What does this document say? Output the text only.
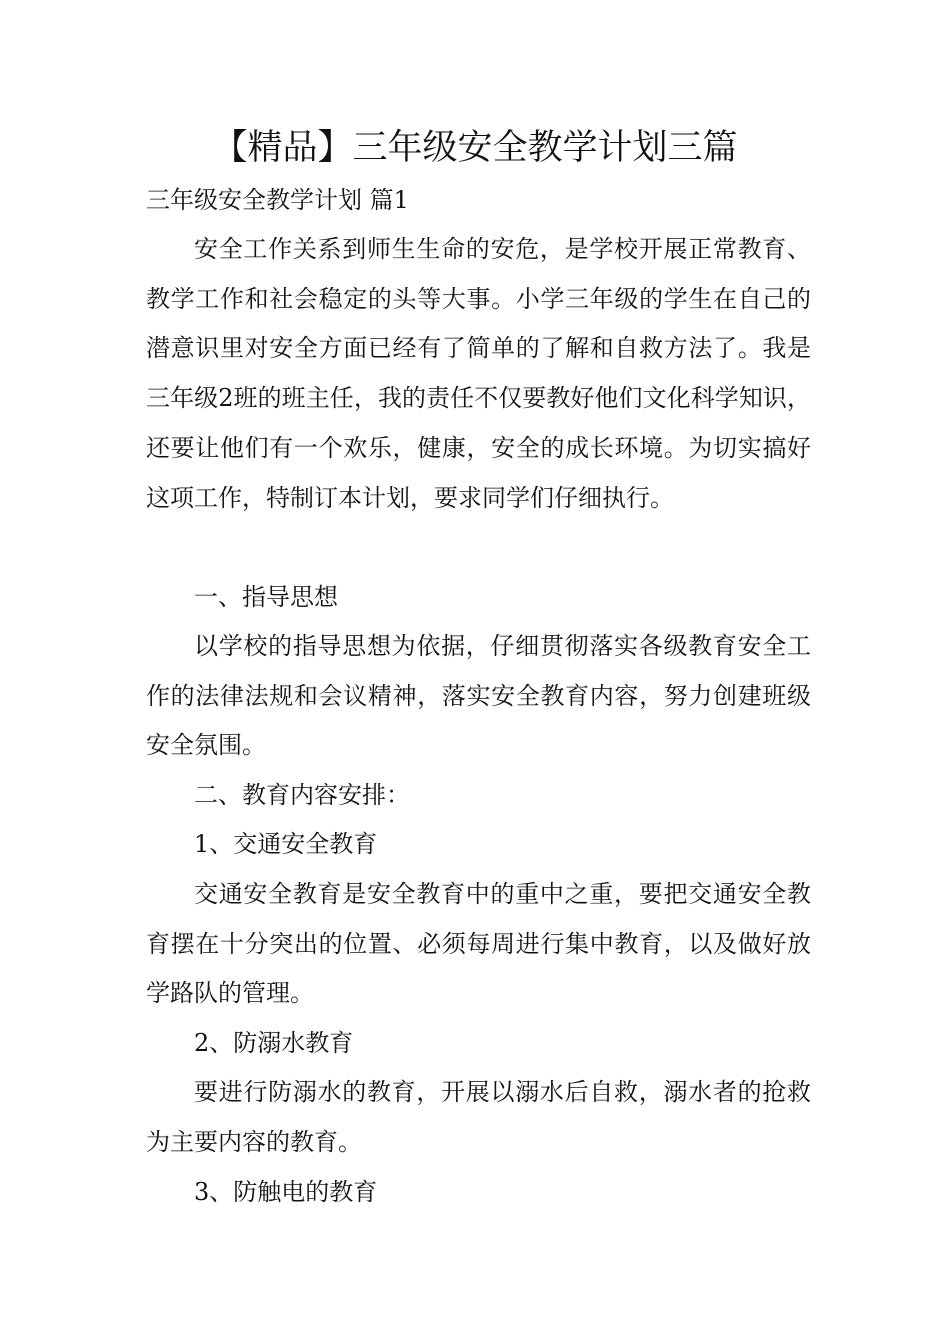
【精品】三年级安全教学计划三篇
三年级安全教学计划 篇1

安全工作关系到师生生命的安危，是学校开展正常教育、教学工作和社会稳定的头等大事。小学三年级的学生在自己的潜意识里对安全方面已经有了简单的了解和自救方法了。我是三年级2班的班主任，我的责任不仅要教好他们文化科学知识，还要让他们有一个欢乐，健康，安全的成长环境。为切实搞好这项工作，特制订本计划，要求同学们仔细执行。

一、指导思想

以学校的指导思想为依据，仔细贯彻落实各级教育安全工作的法律法规和会议精神，落实安全教育内容，努力创建班级安全氛围。

二、教育内容安排：

1、交通安全教育

交通安全教育是安全教育中的重中之重，要把交通安全教育摆在十分突出的位置、必须每周进行集中教育，以及做好放学路队的管理。

2、防溺水教育

要进行防溺水的教育，开展以溺水后自救，溺水者的抢救为主要内容的教育。

3、防触电的教育
